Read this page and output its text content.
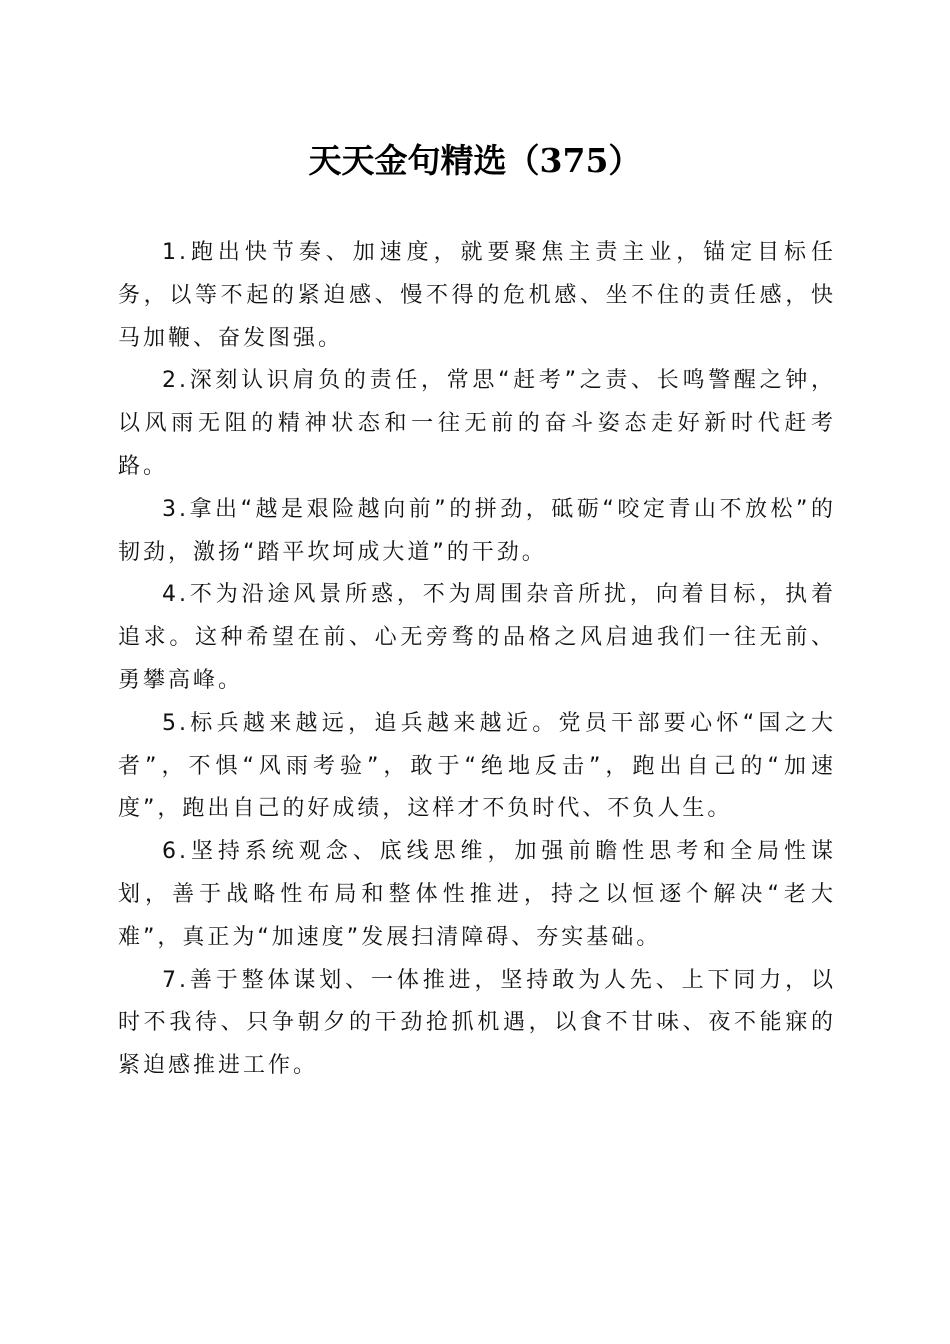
天天金句精选（375）

1.跑出快节奏、加速度，就要聚焦主责主业，锚定目标任务，以等不起的紧迫感、慢不得的危机感、坐不住的责任感，快马加鞭、奋发图强。

2.深刻认识肩负的责任，常思“赶考”之责、长鸣警醒之钟，以风雨无阻的精神状态和一往无前的奋斗姿态走好新时代赶考路。

3.拿出“越是艰险越向前”的拼劲，砥砺“咬定青山不放松”的韧劲，激扬“踏平坎坷成大道”的干劲。

4.不为沿途风景所惑，不为周围杂音所扰，向着目标，执着追求。这种希望在前、心无旁骛的品格之风启迪我们一往无前、勇攀高峰。

5.标兵越来越远，追兵越来越近。党员干部要心怀“国之大者”，不惧“风雨考验”，敢于“绝地反击”，跑出自己的“加速度”，跑出自己的好成绩，这样才不负时代、不负人生。

6.坚持系统观念、底线思维，加强前瞻性思考和全局性谋划，善于战略性布局和整体性推进，持之以恒逐个解决“老大难”，真正为“加速度”发展扫清障碍、夯实基础。

7.善于整体谋划、一体推进，坚持敢为人先、上下同力，以时不我待、只争朝夕的干劲抢抓机遇，以食不甘味、夜不能寐的紧迫感推进工作。
